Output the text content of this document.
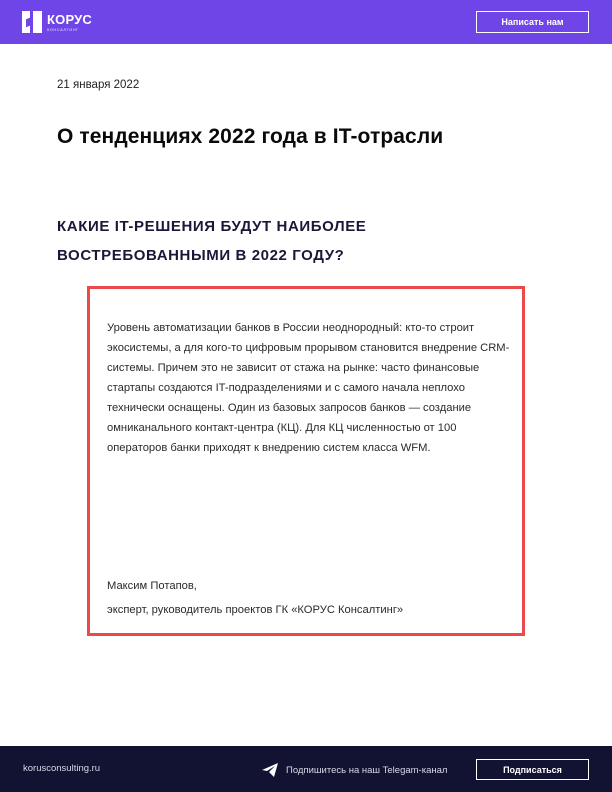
КОРУС
КОНСАЛТИНГ
Написать нам
21 января 2022
О тенденциях 2022 года в IT-отрасли
КАКИЕ IT-РЕШЕНИЯ БУДУТ НАИБОЛЕЕ ВОСТРЕБОВАННЫМИ В 2022 ГОДУ?

Уровень автоматизации банков в России неоднородный: кто-то строит экосистемы, а для кого-то цифровым прорывом становится внедрение CRM-системы. Причем это не зависит от стажа на рынке: часто финансовые стартапы создаются IT-подразделениями и с самого начала неплохо технически оснащены. Один из базовых запросов банков — создание омниканального контакт-центра (КЦ). Для КЦ численностью от 100 операторов банки приходят к внедрению систем класса WFM.

Максим Потапов,
эксперт, руководитель проектов ГК «КОРУС Консалтинг»
korusconsulting.ru	Подпишитесь на наш Telegam-канал	Подписаться
